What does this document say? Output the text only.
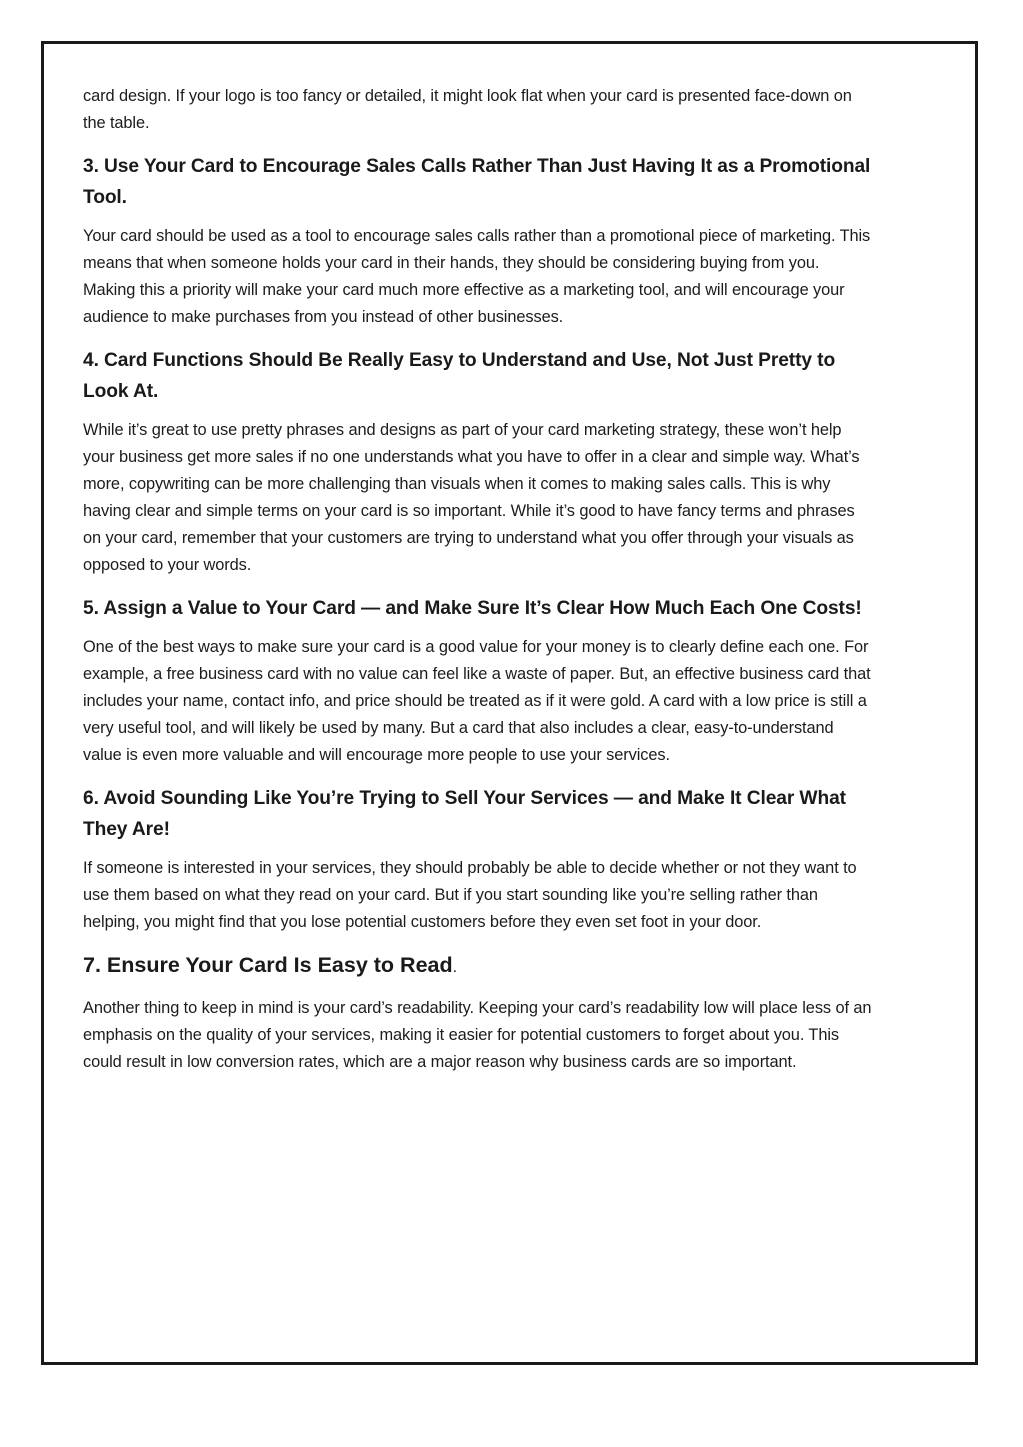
card design. If your logo is too fancy or detailed, it might look flat when your card is presented face-down on the table.

3. Use Your Card to Encourage Sales Calls Rather Than Just Having It as a Promotional Tool.

Your card should be used as a tool to encourage sales calls rather than a promotional piece of marketing. This means that when someone holds your card in their hands, they should be considering buying from you. Making this a priority will make your card much more effective as a marketing tool, and will encourage your audience to make purchases from you instead of other businesses.

4. Card Functions Should Be Really Easy to Understand and Use, Not Just Pretty to Look At.

While it’s great to use pretty phrases and designs as part of your card marketing strategy, these won’t help your business get more sales if no one understands what you have to offer in a clear and simple way. What’s more, copywriting can be more challenging than visuals when it comes to making sales calls. This is why having clear and simple terms on your card is so important. While it’s good to have fancy terms and phrases on your card, remember that your customers are trying to understand what you offer through your visuals as opposed to your words.

5. Assign a Value to Your Card — and Make Sure It’s Clear How Much Each One Costs!

One of the best ways to make sure your card is a good value for your money is to clearly define each one. For example, a free business card with no value can feel like a waste of paper. But, an effective business card that includes your name, contact info, and price should be treated as if it were gold. A card with a low price is still a very useful tool, and will likely be used by many. But a card that also includes a clear, easy-to-understand value is even more valuable and will encourage more people to use your services.

6. Avoid Sounding Like You’re Trying to Sell Your Services — and Make It Clear What They Are!

If someone is interested in your services, they should probably be able to decide whether or not they want to use them based on what they read on your card. But if you start sounding like you’re selling rather than helping, you might find that you lose potential customers before they even set foot in your door.

7. Ensure Your Card Is Easy to Read.

Another thing to keep in mind is your card’s readability. Keeping your card’s readability low will place less of an emphasis on the quality of your services, making it easier for potential customers to forget about you. This could result in low conversion rates, which are a major reason why business cards are so important.
